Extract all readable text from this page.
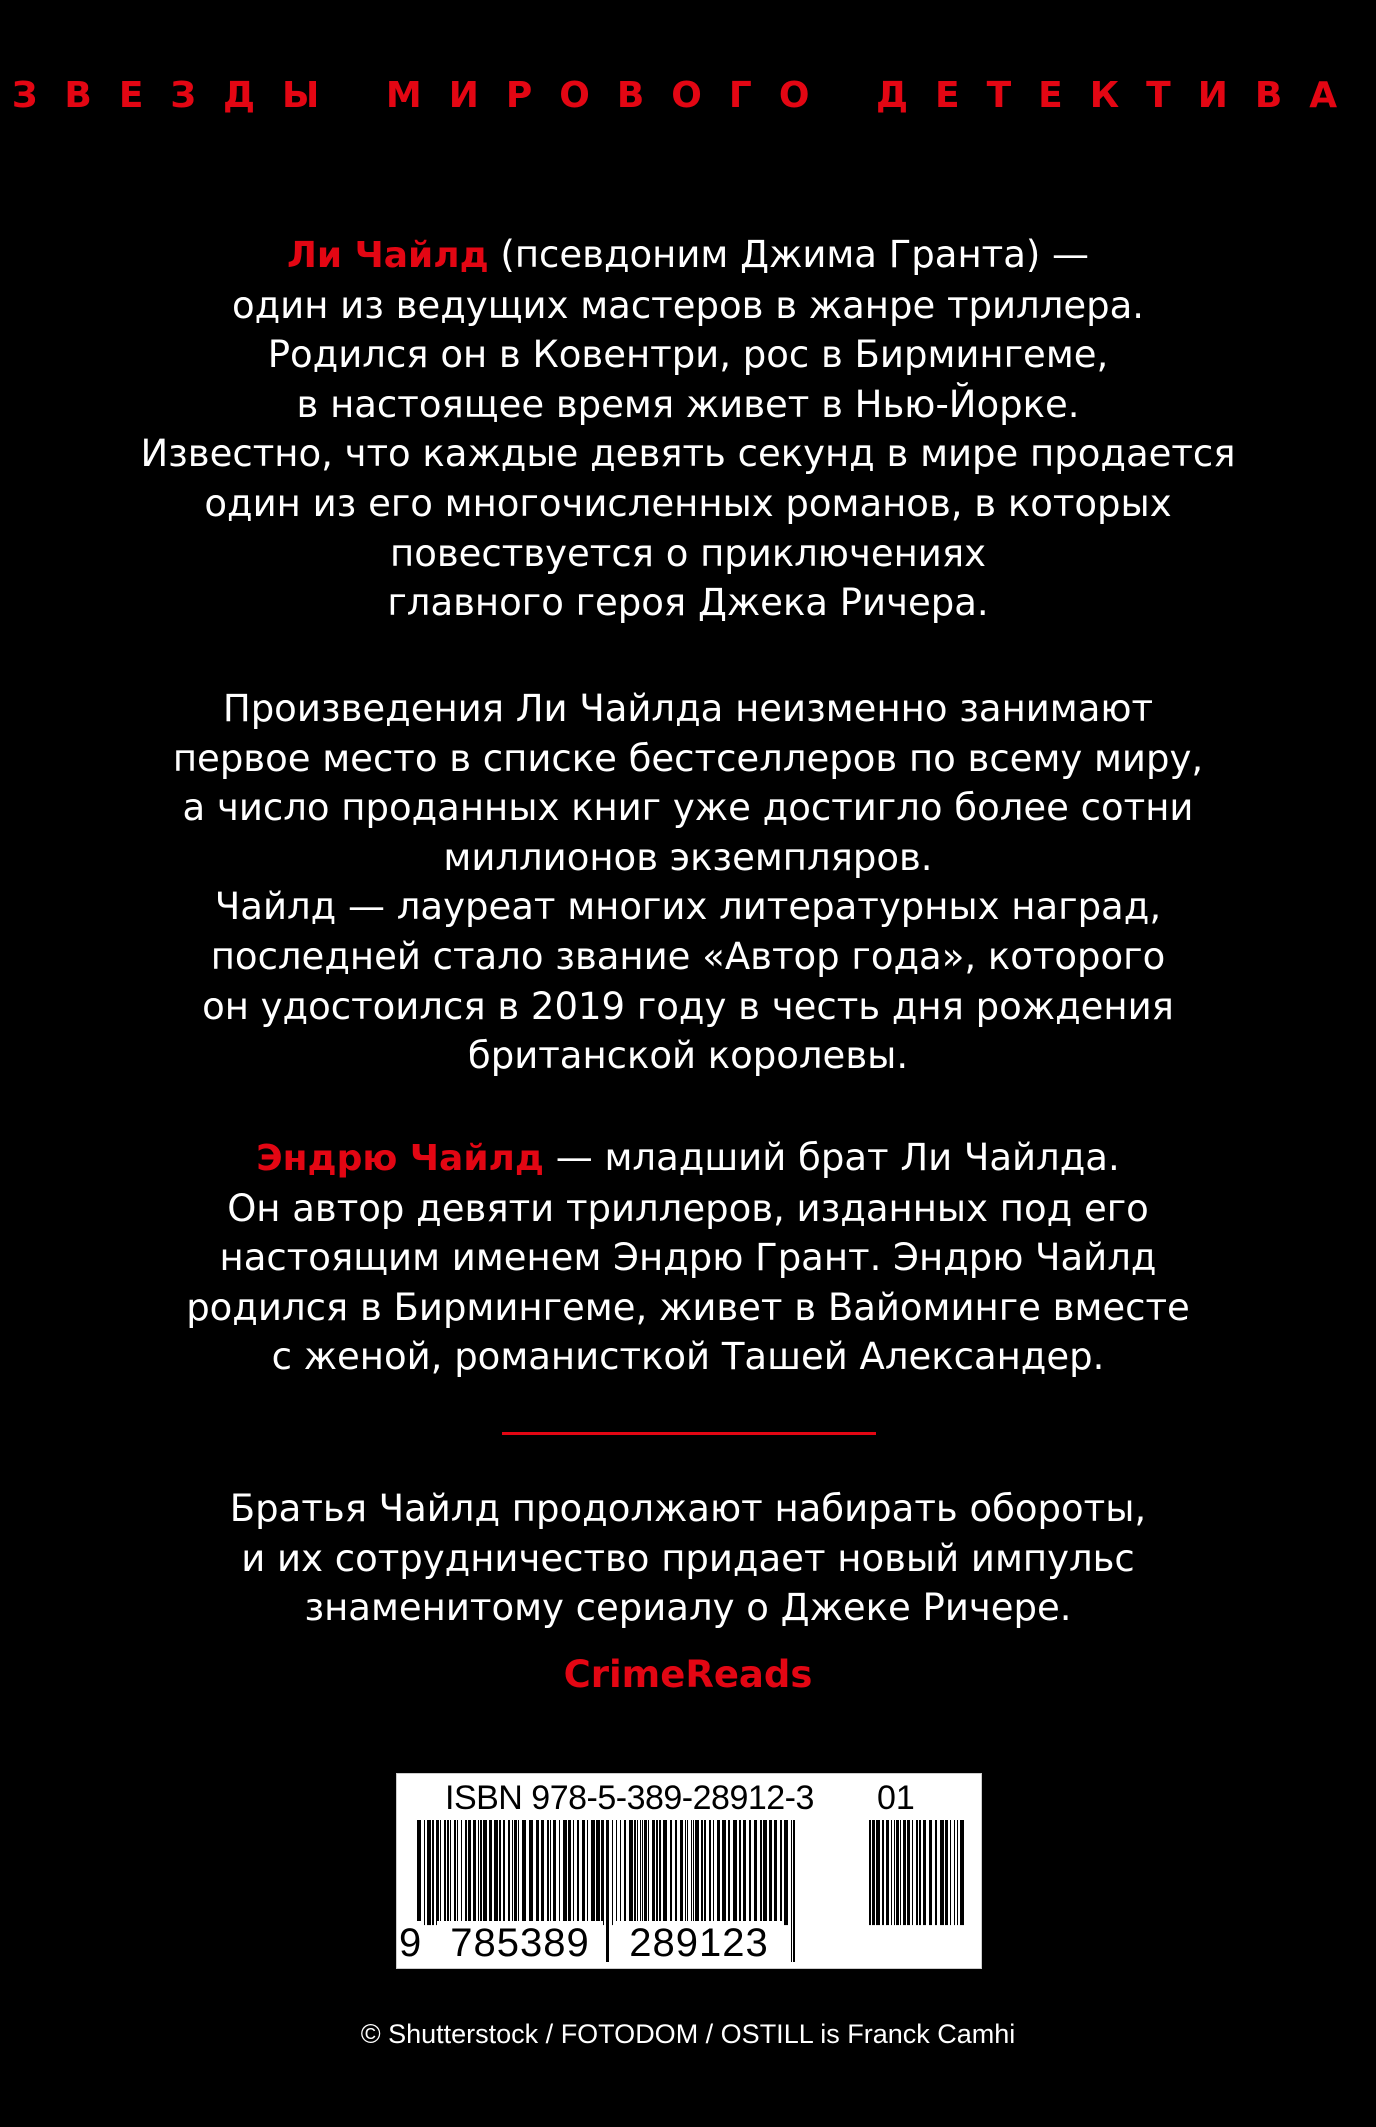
ЗВЕЗДЫ МИРОВОГО ДЕТЕКТИВА
Ли Чайлд (псевдоним Джима Гранта) —
один из ведущих мастеров в жанре триллера.
Родился он в Ковентри, рос в Бирмингеме,
в настоящее время живет в Нью-Йорке.
Известно, что каждые девять секунд в мире продается
один из его многочисленных романов, в которых
повествуется о приключениях
главного героя Джека Ричера.
Произведения Ли Чайлда неизменно занимают
первое место в списке бестселлеров по всему миру,
а число проданных книг уже достигло более сотни
миллионов экземпляров.
Чайлд — лауреат многих литературных наград,
последней стало звание «Автор года», которого
он удостоился в 2019 году в честь дня рождения
британской королевы.
Эндрю Чайлд — младший брат Ли Чайлда.
Он автор девяти триллеров, изданных под его
настоящим именем Эндрю Грант. Эндрю Чайлд
родился в Бирмингеме, живет в Вайоминге вместе
с женой, романисткой Ташей Александер.
Братья Чайлд продолжают набирать обороты,
и их сотрудничество придает новый импульс
знаменитому сериалу о Джеке Ричере.
CrimeReads
ISBN 978-5-389-28912-3 01
9 785389 289123
© Shutterstock / FOTODOM / OSTILL is Franck Camhi
